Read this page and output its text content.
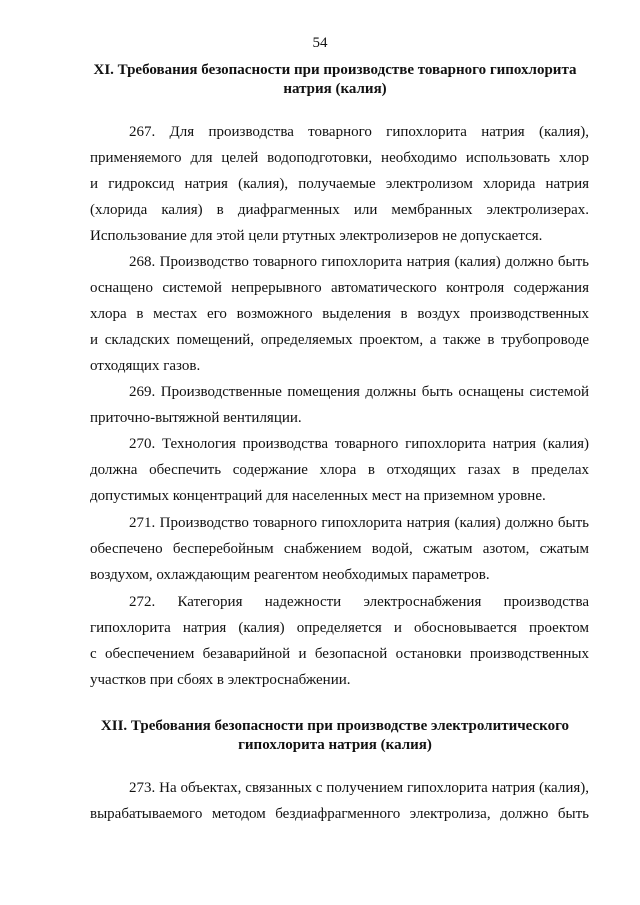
54
XI. Требования безопасности при производстве товарного гипохлорита
натрия (калия)
267. Для производства товарного гипохлорита натрия (калия),
применяемого для целей водоподготовки, необходимо использовать хлор
и гидроксид натрия (калия), получаемые электролизом хлорида натрия
(хлорида калия) в диафрагменных или мембранных электролизерах.
Использование для этой цели ртутных электролизеров не допускается.
268. Производство товарного гипохлорита натрия (калия) должно быть
оснащено системой непрерывного автоматического контроля содержания
хлора в местах его возможного выделения в воздух производственных
и складских помещений, определяемых проектом, а также в трубопроводе
отходящих газов.
269. Производственные помещения должны быть оснащены системой
приточно-вытяжной вентиляции.
270. Технология производства товарного гипохлорита натрия (калия)
должна обеспечить содержание хлора в отходящих газах в пределах
допустимых концентраций для населенных мест на приземном уровне.
271. Производство товарного гипохлорита натрия (калия) должно быть
обеспечено бесперебойным снабжением водой, сжатым азотом, сжатым
воздухом, охлаждающим реагентом необходимых параметров.
272. Категория надежности электроснабжения производства
гипохлорита натрия (калия) определяется и обосновывается проектом
с обеспечением безаварийной и безопасной остановки производственных
участков при сбоях в электроснабжении.
XII. Требования безопасности при производстве электролитического
гипохлорита натрия (калия)
273. На объектах, связанных с получением гипохлорита натрия (калия),
вырабатываемого методом бездиафрагменного электролиза, должно быть
